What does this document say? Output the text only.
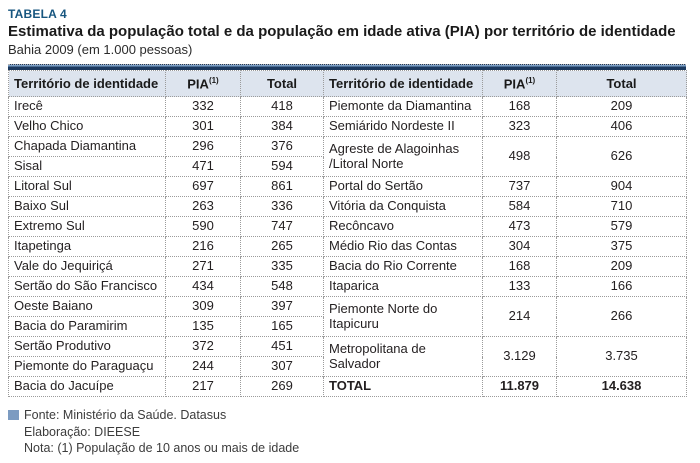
TABELA 4
Estimativa da população total e da população em idade ativa (PIA) por território de identidade
Bahia 2009 (em 1.000 pessoas)
Território de identidade	PIA$^{(1)}$	Total	Território de identidade	PIA$^{(1)}$	Total
Irecê	332	418	Piemonte da Diamantina	168	209
Velho Chico	301	384	Semiárido Nordeste II	323	406
Chapada Diamantina	296	376	Agreste de Alagoinhas /Litoral Norte	498	626
Sisal	471	594			
Litoral Sul	697	861	Portal do Sertão	737	904
Baixo Sul	263	336	Vitória da Conquista	584	710
Extremo Sul	590	747	Recôncavo	473	579
Itapetinga	216	265	Médio Rio das Contas	304	375
Vale do Jequiriçá	271	335	Bacia do Rio Corrente	168	209
Sertão do São Francisco	434	548	Itaparica	133	166
Oeste Baiano	309	397	Piemonte Norte do Itapicuru	214	266
Bacia do Paramirim	135	165			
Sertão Produtivo	372	451	Metropolitana de Salvador	3.129	3.735
Piemonte do Paraguaçu	244	307			
Bacia do Jacuípe	217	269	TOTAL	11.879	14.638
Fonte: Ministério da Saúde. Datasus
Elaboração: DIEESE
Nota: (1) População de 10 anos ou mais de idade
